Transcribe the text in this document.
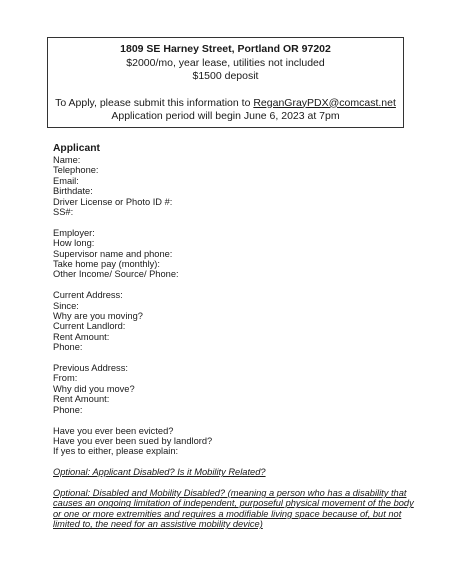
1809 SE Harney Street, Portland OR 97202
$2000/mo, year lease, utilities not included
$1500 deposit
To Apply, please submit this information to ReganGrayPDX@comcast.net
Application period will begin June 6, 2023 at 7pm
Applicant
Name:
Telephone:
Email:
Birthdate:
Driver License or Photo ID #:
SS#:
Employer:
How long:
Supervisor name and phone:
Take home pay (monthly):
Other Income/ Source/ Phone:
Current Address:
Since:
Why are you moving?
Current Landlord:
Rent Amount:
Phone:
Previous Address:
From:
Why did you move?
Rent Amount:
Phone:
Have you ever been evicted?
Have you ever been sued by landlord?
If yes to either, please explain:
Optional: Applicant Disabled? Is it Mobility Related?
Optional: Disabled and Mobility Disabled? (meaning a person who has a disability that
causes an ongoing limitation of independent, purposeful physical movement of the body
or one or more extremities and requires a modifiable living space because of, but not
limited to, the need for an assistive mobility device)
